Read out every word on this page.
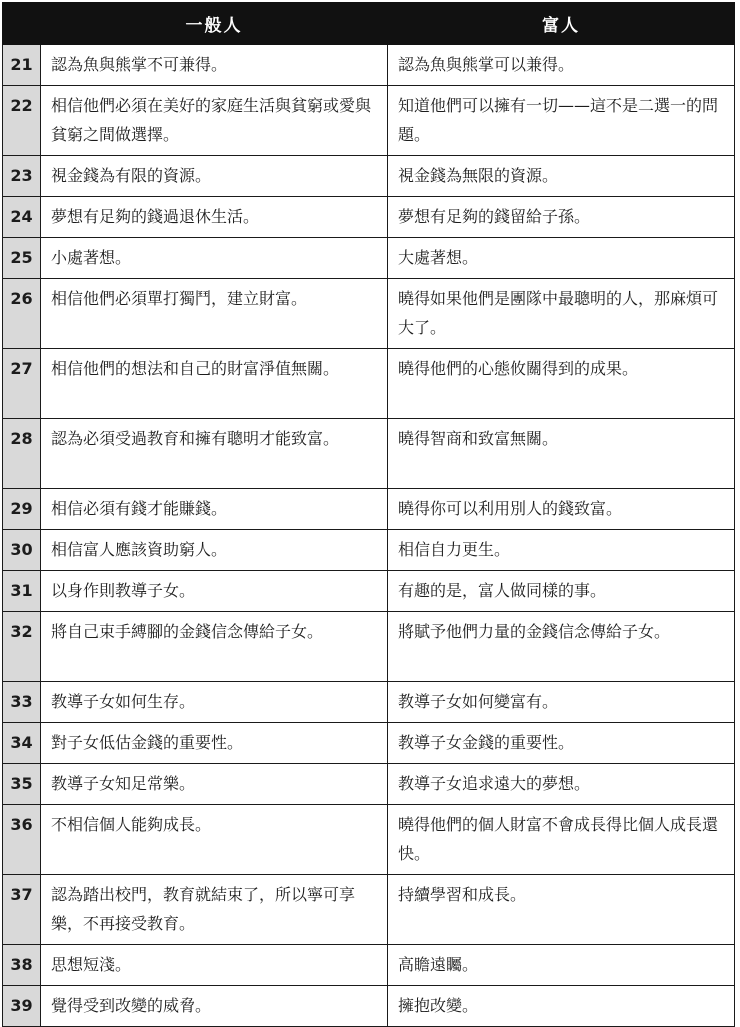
	一般人	富人
21	認為魚與熊掌不可兼得。	認為魚與熊掌可以兼得。
22	相信他們必須在美好的家庭生活與貧窮或愛與貧窮之間做選擇。	知道他們可以擁有一切——這不是二選一的問題。
23	視金錢為有限的資源。	視金錢為無限的資源。
24	夢想有足夠的錢過退休生活。	夢想有足夠的錢留給子孫。
25	小處著想。	大處著想。
26	相信他們必須單打獨鬥，建立財富。	曉得如果他們是團隊中最聰明的人，那麻煩可大了。
27	相信他們的想法和自己的財富淨值無關。	曉得他們的心態攸關得到的成果。
28	認為必須受過教育和擁有聰明才能致富。	曉得智商和致富無關。
29	相信必須有錢才能賺錢。	曉得你可以利用別人的錢致富。
30	相信富人應該資助窮人。	相信自力更生。
31	以身作則教導子女。	有趣的是，富人做同樣的事。
32	將自己束手縛腳的金錢信念傳給子女。	將賦予他們力量的金錢信念傳給子女。
33	教導子女如何生存。	教導子女如何變富有。
34	對子女低估金錢的重要性。	教導子女金錢的重要性。
35	教導子女知足常樂。	教導子女追求遠大的夢想。
36	不相信個人能夠成長。	曉得他們的個人財富不會成長得比個人成長還快。
37	認為踏出校門，教育就結束了，所以寧可享樂，不再接受教育。	持續學習和成長。
38	思想短淺。	高瞻遠矚。
39	覺得受到改變的威脅。	擁抱改變。
